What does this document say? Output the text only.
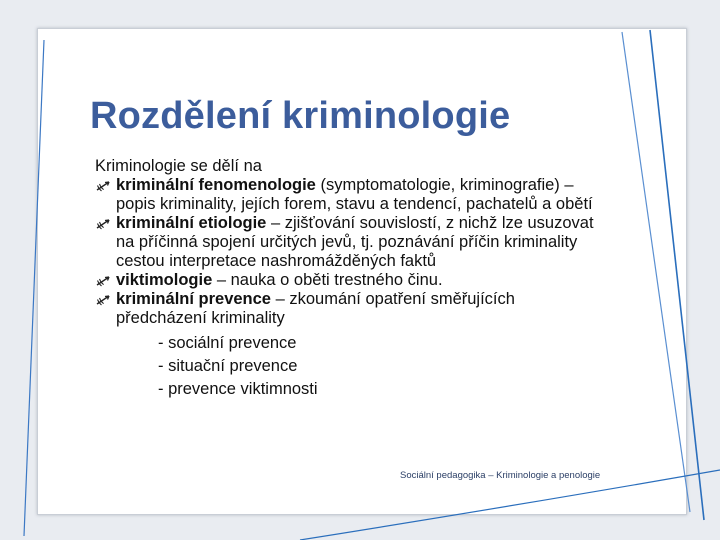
Rozdělení kriminologie

Kriminologie se dělí na

kriminální fenomenologie (symptomatologie, kriminografie) – popis kriminality, jejích forem, stavu a tendencí, pachatelů a obětí
kriminální etiologie – zjišťování souvislostí, z nichž lze usuzovat na příčinná spojení určitých jevů, tj. poznávání příčin kriminality cestou interpretace nashromážděných faktů
viktimologie – nauka o oběti trestného činu.
kriminální prevence – zkoumání opatření směřujících předcházení kriminality
- sociální prevence
- situační prevence
- prevence viktimnosti
Sociální pedagogika – Kriminologie a penologie
